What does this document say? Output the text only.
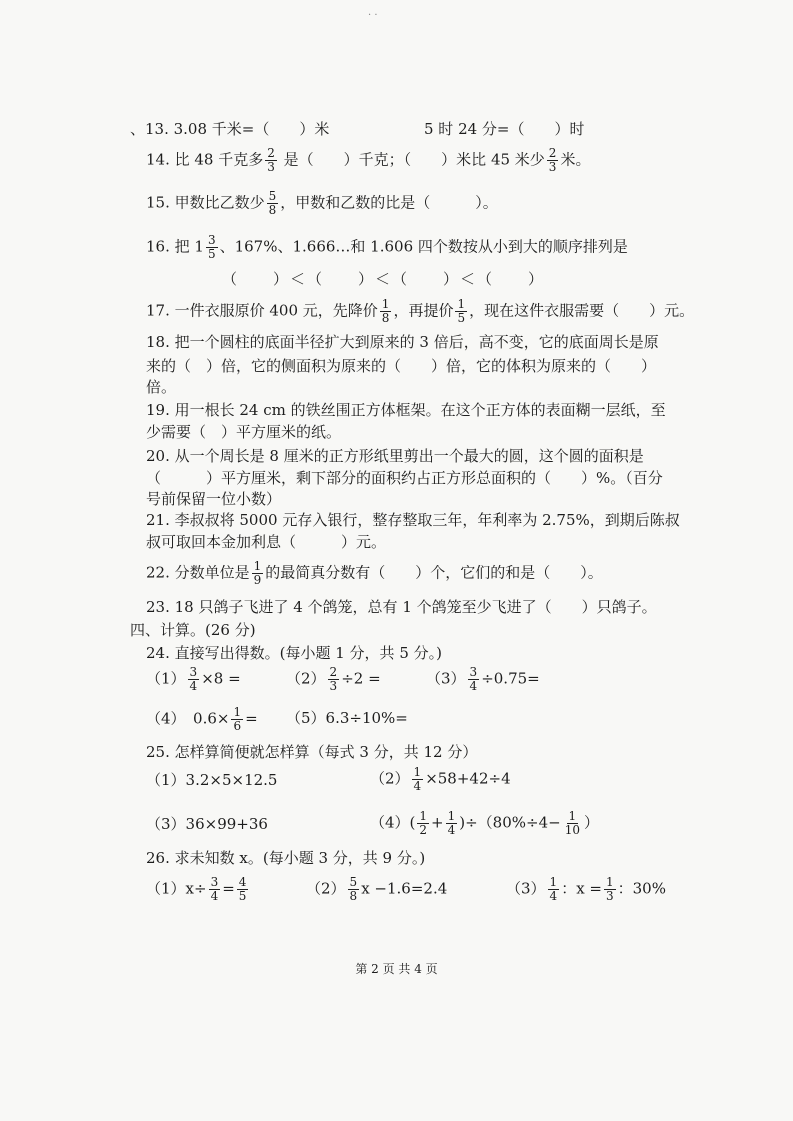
· ·
、13. 3.08 千米=（　　）米	5 时 24 分=（　　）时
14. 比 48 千克多 $\frac{2}{3}$ 是（　　）千克；（　　）米比 45 米少 $\frac{2}{3}$ 米。
15. 甲数比乙数少 $\frac{5}{8}$ ，甲数和乙数的比是（　　　）。
16. 把 $1 \frac{3}{5}$ 、167%、1.666…和 1.606 四个数按从小到大的顺序排列是
（　　）＜（　　）＜（　　）＜（　　）
17. 一件衣服原价 400 元，先降价 $\frac{1}{8}$ ，再提价 $\frac{1}{5}$ ，现在这件衣服需要（　　）元。
18. 把一个圆柱的底面半径扩大到原来的 3 倍后，高不变，它的底面周长是原
来的（　）倍，它的侧面积为原来的（　　）倍，它的体积为原来的（　　）
倍。
19. 用一根长 24 cm 的铁丝围正方体框架。在这个正方体的表面糊一层纸，至
少需要（　）平方厘米的纸。
20. 从一个周长是 8 厘米的正方形纸里剪出一个最大的圆，这个圆的面积是
（　　　）平方厘米，剩下部分的面积约占正方形总面积的（　　）%。（百分
号前保留一位小数）
21. 李叔叔将 5000 元存入银行，整存整取三年，年利率为 2.75%，到期后陈叔
叔可取回本金加利息（　　　）元。
22. 分数单位是 $\frac{1}{9}$ 的最简真分数有（　　）个，它们的和是（　　）。
23. 18 只鸽子飞进了 4 个鸽笼，总有 1 个鸽笼至少飞进了（　　）只鸽子。
四、计算。(26 分)
24. 直接写出得数。(每小题 1 分，共 5 分。)
$(1) \frac{3}{4} \times 8$ =	$(2) \frac{2}{3} \div 2$ =	$(3) \frac{3}{4} \div 0.75=$
（4）　$0.6\times \frac{1}{6} = (5)6.3\div 10\%=$
25. 怎样算简便就怎样算（每式 3 分，共 12 分）
（1）3.2×5×12.5	$(2) \frac{1}{4} \times 58+42\div 4$
（3）36×99+36	$(4)( \frac{1}{2} + \frac{1}{4} )\div(80\%\div 4- \frac{1}{10}$ ）
26. 求未知数 x。(每小题 3 分，共 9 分。)
$(1)x\div \frac{3}{4} = \frac{4}{5}$	$(2) \frac{5}{8}$ x −1.6=2.4	$(3) \frac{1}{4}$ ：$x = \frac{1}{3}$ ：30%
第 2 页 共 4 页
